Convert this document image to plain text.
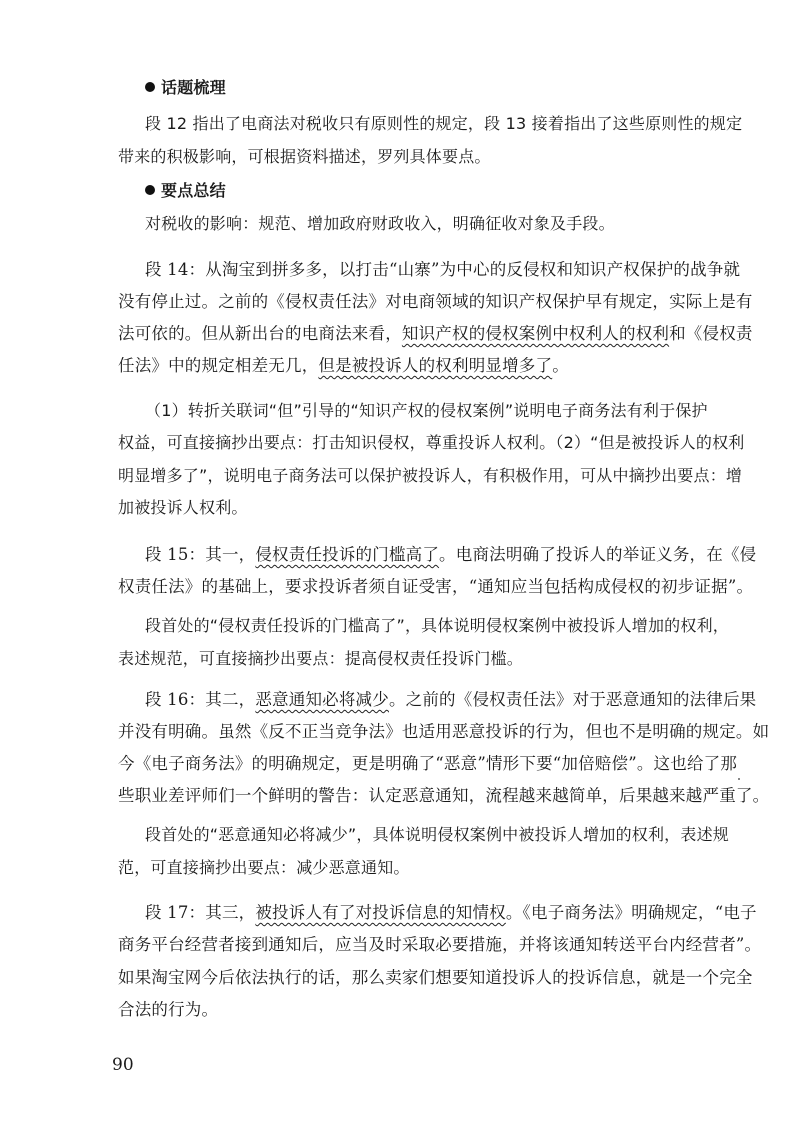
话题梳理
段 12 指出了电商法对税收只有原则性的规定，段 13 接着指出了这些原则性的规定
带来的积极影响，可根据资料描述，罗列具体要点。
要点总结
对税收的影响：规范、增加政府财政收入，明确征收对象及手段。
段 14：从淘宝到拼多多，以打击“山寨”为中心的反侵权和知识产权保护的战争就
没有停止过。之前的《侵权责任法》对电商领域的知识产权保护早有规定，实际上是有
法可依的。但从新出台的电商法来看，知识产权的侵权案例中权利人的权利和《侵权责
任法》中的规定相差无几，但是被投诉人的权利明显增多了。
（1）转折关联词“但”引导的“知识产权的侵权案例”说明电子商务法有利于保护
权益，可直接摘抄出要点：打击知识侵权，尊重投诉人权利。（2）“但是被投诉人的权利
明显增多了”，说明电子商务法可以保护被投诉人，有积极作用，可从中摘抄出要点：增
加被投诉人权利。
段 15：其一，侵权责任投诉的门槛高了。电商法明确了投诉人的举证义务，在《侵
权责任法》的基础上，要求投诉者须自证受害，“通知应当包括构成侵权的初步证据”。
段首处的“侵权责任投诉的门槛高了”，具体说明侵权案例中被投诉人增加的权利，
表述规范，可直接摘抄出要点：提高侵权责任投诉门槛。
段 16：其二，恶意通知必将减少。之前的《侵权责任法》对于恶意通知的法律后果
并没有明确。虽然《反不正当竞争法》也适用恶意投诉的行为，但也不是明确的规定。如
今《电子商务法》的明确规定，更是明确了“恶意”情形下要“加倍赔偿”。这也给了那
些职业差评师们一个鲜明的警告：认定恶意通知，流程越来越简单，后果越来越严重了。
段首处的“恶意通知必将减少”，具体说明侵权案例中被投诉人增加的权利，表述规
范，可直接摘抄出要点：减少恶意通知。
段 17：其三，被投诉人有了对投诉信息的知情权。《电子商务法》明确规定，“电子
商务平台经营者接到通知后，应当及时采取必要措施，并将该通知转送平台内经营者”。
如果淘宝网今后依法执行的话，那么卖家们想要知道投诉人的投诉信息，就是一个完全
合法的行为。
90
